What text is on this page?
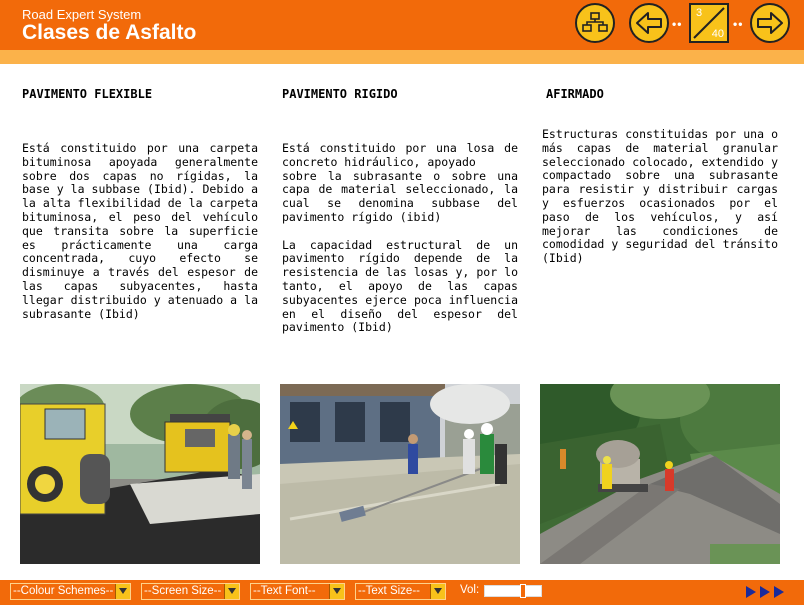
Road Expert System
Clases de Asfalto	••
3
40
••
PAVIMENTO FLEXIBLE

Está constituido por una carpeta bituminosa apoyada generalmente sobre dos capas no rígidas, la base y la subbase (Ibid). Debido a la alta flexibilidad de la carpeta bituminosa, el peso del vehículo que transita sobre la superficie es prácticamente una carga concentrada, cuyo efecto se disminuye a través del espesor de las capas subyacentes, hasta llegar distribuido y atenuado a la subrasante (Ibid)

PAVIMENTO RIGIDO

Está constituido por una losa de concreto hidráulico, apoyado
sobre la subrasante o sobre una capa de material seleccionado, la cual se denomina subbase del pavimento rígido (ibid)

La capacidad estructural de un pavimento rígido depende de la resistencia de las losas y, por lo tanto, el apoyo de las capas subyacentes ejerce poca influencia en el diseño del espesor del pavimento (Ibid)

AFIRMADO

Estructuras constituidas por una o más capas de material granular seleccionado colocado, extendido y compactado sobre una subrasante para resistir y distribuir cargas y esfuerzos ocasionados por el paso de los vehículos, y así mejorar las condiciones de comodidad y seguridad del tránsito (Ibid)

--Colour Schemes--	--Screen Size--	--Text Font--	--Text Size--	Vol:
